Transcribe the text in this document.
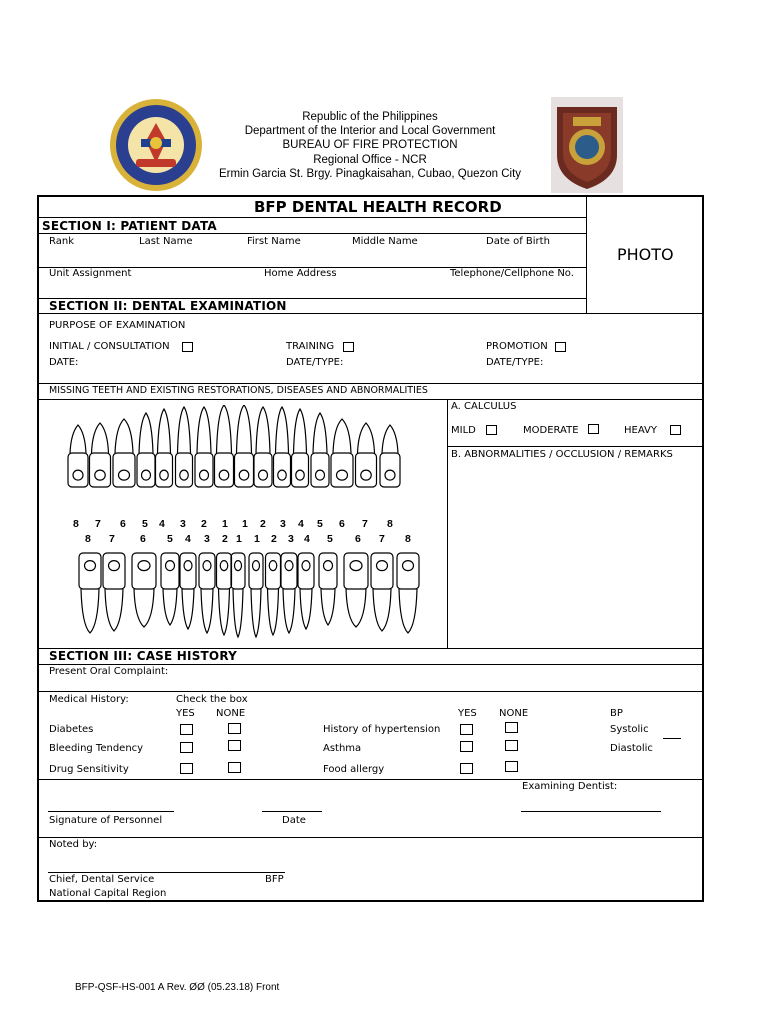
Republic of the Philippines
Department of the Interior and Local Government
BUREAU OF FIRE PROTECTION
Regional Office - NCR
Ermin Garcia St. Brgy. Pinagkaisahan, Cubao, Quezon City
BFP DENTAL HEALTH RECORD
PHOTO
SECTION I: PATIENT DATA
Rank	Last Name	First Name	Middle Name	Date of Birth
Unit Assignment	Home Address	Telephone/Cellphone No.
SECTION II: DENTAL EXAMINATION
PURPOSE OF EXAMINATION
INITIAL / CONSULTATION	TRAINING	PROMOTION
DATE:	DATE/TYPE:	DATE/TYPE:
MISSING TEETH AND EXISTING RESTORATIONS, DISEASES AND ABNORMALITIES
A. CALCULUS
MILD	MODERATE	HEAVY
B. ABNORMALITIES / OCCLUSION / REMARKS
8 7 6 5 4 3 2 1 1 2 3 4 5 6 7 8
8 7 6 5 4 3 2 1 1 2 3 4 5 6 7 8
SECTION III: CASE HISTORY
Present Oral Complaint:
Medical History:	Check the box
YES NONE	YES NONE	BP
Diabetes	History of hypertension	Systolic
Bleeding Tendency	Asthma	Diastolic
Drug Sensitivity	Food allergy
Examining Dentist:
Signature of Personnel	Date
Noted by:
Chief, Dental Service	BFP
National Capital Region
BFP-QSF-HS-001 A Rev. ØØ (05.23.18) Front
